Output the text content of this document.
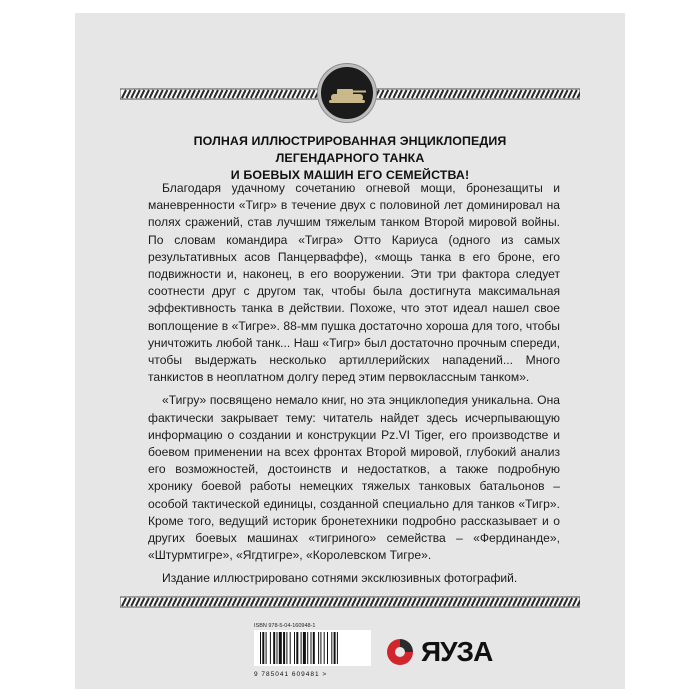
ПОЛНАЯ ИЛЛЮСТРИРОВАННАЯ ЭНЦИКЛОПЕДИЯ
ЛЕГЕНДАРНОГО ТАНКА
И БОЕВЫХ МАШИН ЕГО СЕМЕЙСТВА!

Благодаря удачному сочетанию огневой мощи, бронезащиты и маневренности «Тигр» в течение двух с половиной лет доминировал на полях сражений, став лучшим тяжелым танком Второй мировой войны. По словам командира «Тигра» Отто Кариуса (одного из самых результативных асов Панцерваффе), «мощь танка в его броне, его подвижности и, наконец, в его вооружении. Эти три фактора следует соотнести друг с другом так, чтобы была достигнута максимальная эффективность танка в действии. Похоже, что этот идеал нашел свое воплощение в «Тигре». 88-мм пушка достаточно хороша для того, чтобы уничтожить любой танк... Наш «Тигр» был достаточно прочным спереди, чтобы выдержать несколько артиллерийских нападений... Много танкистов в неоплатном долгу перед этим первоклассным танком».

«Тигру» посвящено немало книг, но эта энциклопедия уникальна. Она фактически закрывает тему: читатель найдет здесь исчерпывающую информацию о создании и конструкции Pz.VI Tiger, его производстве и боевом применении на всех фронтах Второй мировой, глубокий анализ его возможностей, достоинств и недостатков, а также подробную хронику боевой работы немецких тяжелых танковых батальонов – особой тактической единицы, созданной специально для танков «Тигр». Кроме того, ведущий историк бронетехники подробно рассказывает и о других боевых машинах «тигриного» семейства – «Фердинанде», «Штурмтигре», «Ягдтигре», «Королевском Тигре».

Издание иллюстрировано сотнями эксклюзивных фотографий.

ISBN 978-5-04-160948-1
9 785041 609481 >
ЯУЗА
